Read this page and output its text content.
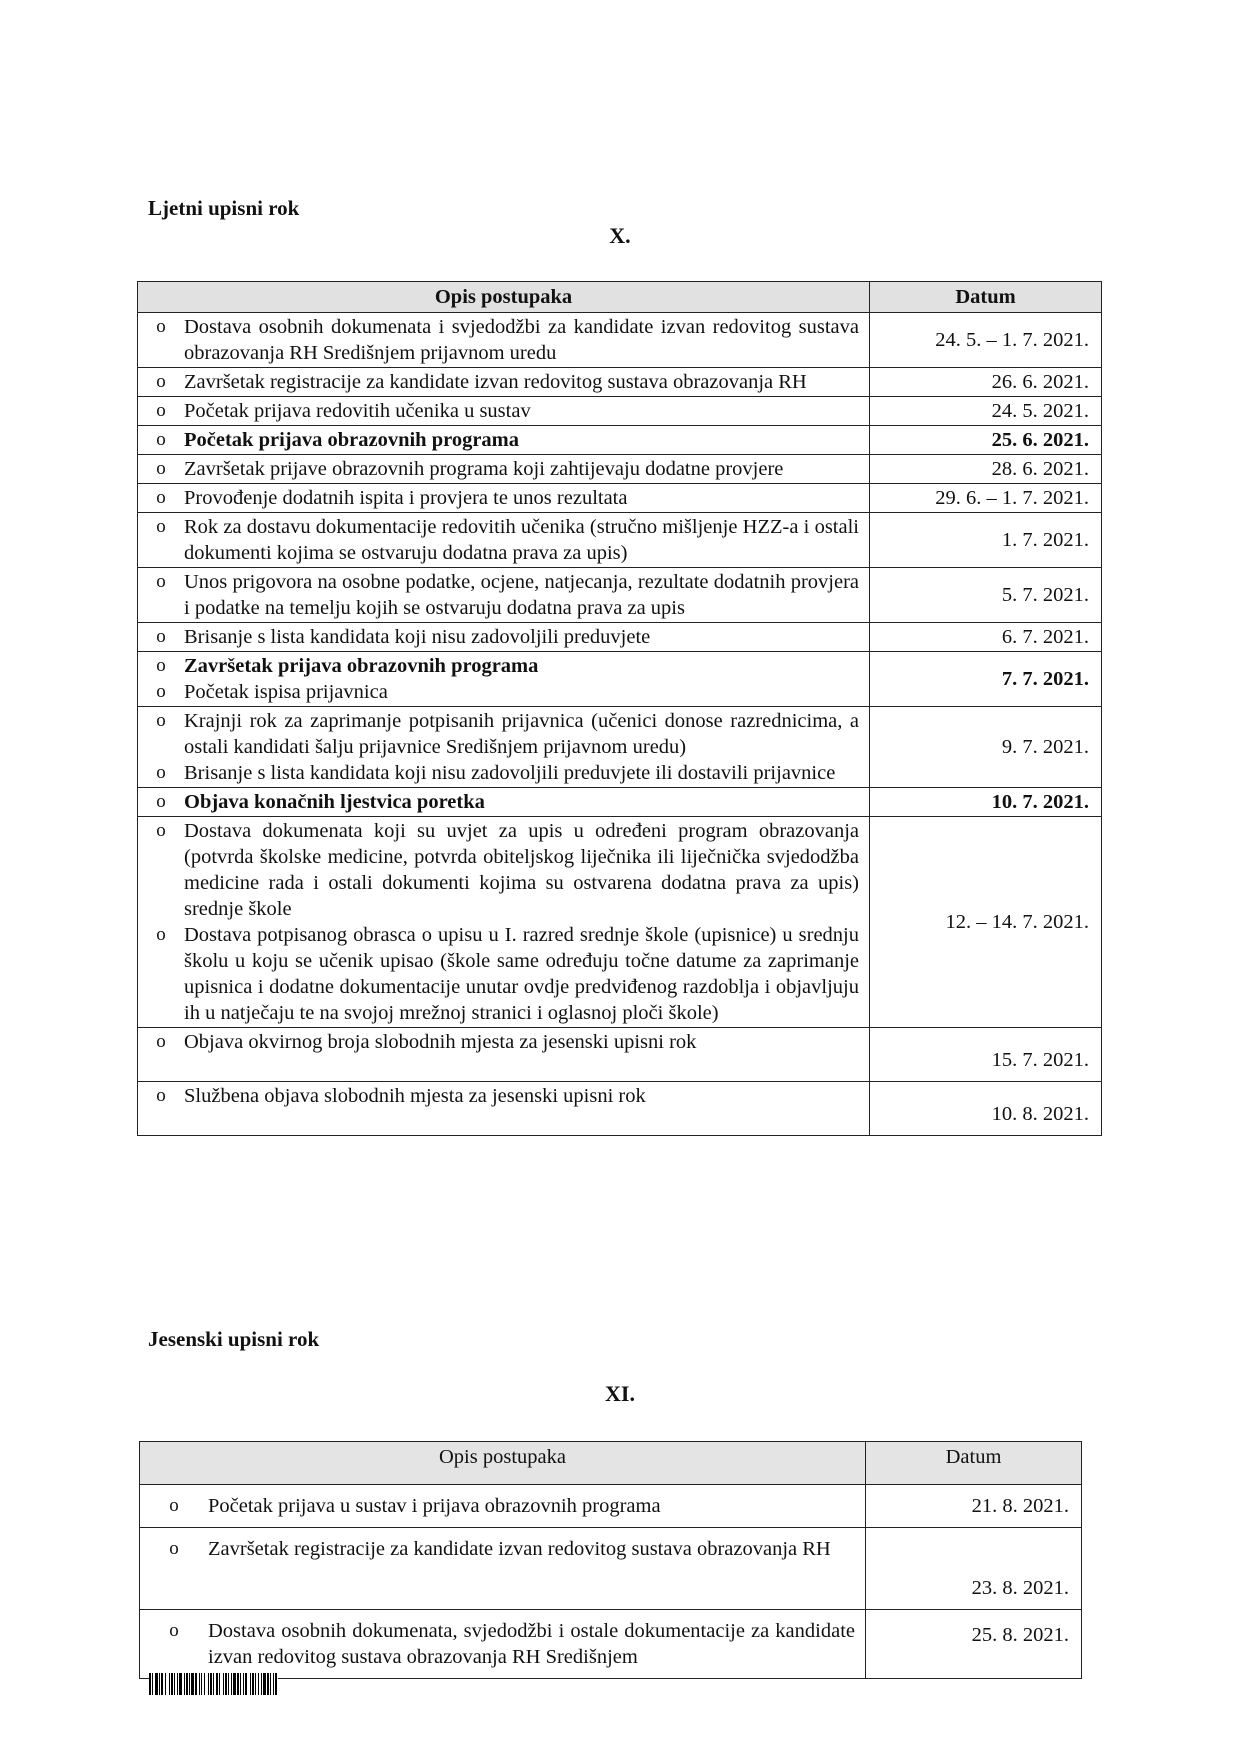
Ljetni upisni rok

X.

Opis postupaka	Datum

o Dostava osobnih dokumenata i svjedodžbi za kandidate izvan redovitog sustava obrazovanja RH Središnjem prijavnom uredu	24. 5. – 1. 7. 2021.

o Završetak registracije za kandidate izvan redovitog sustava obrazovanja RH	26. 6. 2021.

o Početak prijava redovitih učenika u sustav	24. 5. 2021.

o Početak prijava obrazovnih programa	25. 6. 2021.

o Završetak prijave obrazovnih programa koji zahtijevaju dodatne provjere	28. 6. 2021.

o Provođenje dodatnih ispita i provjera te unos rezultata	29. 6. – 1. 7. 2021.

o Rok za dostavu dokumentacije redovitih učenika (stručno mišljenje HZZ-a i ostali dokumenti kojima se ostvaruju dodatna prava za upis)	1. 7. 2021.

o Unos prigovora na osobne podatke, ocjene, natjecanja, rezultate dodatnih provjera i podatke na temelju kojih se ostvaruju dodatna prava za upis	5. 7. 2021.

o Brisanje s lista kandidata koji nisu zadovoljili preduvjete	6. 7. 2021.

o Završetak prijava obrazovnih programa
o Početak ispisa prijavnica	7. 7. 2021.

o Krajnji rok za zaprimanje potpisanih prijavnica (učenici donose razrednicima, a ostali kandidati šalju prijavnice Središnjem prijavnom uredu)
o Brisanje s lista kandidata koji nisu zadovoljili preduvjete ili dostavili prijavnice	9. 7. 2021.

o Objava konačnih ljestvica poretka	10. 7. 2021.

o Dostava dokumenata koji su uvjet za upis u određeni program obrazovanja (potvrda školske medicine, potvrda obiteljskog liječnika ili liječnička svjedodžba medicine rada i ostali dokumenti kojima su ostvarena dodatna prava za upis) srednje škole
o Dostava potpisanog obrasca o upisu u I. razred srednje škole (upisnice) u srednju školu u koju se učenik upisao (škole same određuju točne datume za zaprimanje upisnica i dodatne dokumentacije unutar ovdje predviđenog razdoblja i objavljuju ih u natječaju te na svojoj mrežnoj stranici i oglasnoj ploči škole)	12. – 14. 7. 2021.

o Objava okvirnog broja slobodnih mjesta za jesenski upisni rok	15. 7. 2021.

o Službena objava slobodnih mjesta za jesenski upisni rok	10. 8. 2021.

Jesenski upisni rok

XI.

Opis postupaka	Datum

o Početak prijava u sustav i prijava obrazovnih programa	21. 8. 2021.

o Završetak registracije za kandidate izvan redovitog sustava obrazovanja RH	23. 8. 2021.

o Dostava osobnih dokumenata, svjedodžbi i ostale dokumentacije za kandidate izvan redovitog sustava obrazovanja RH Središnjem	25. 8. 2021.
